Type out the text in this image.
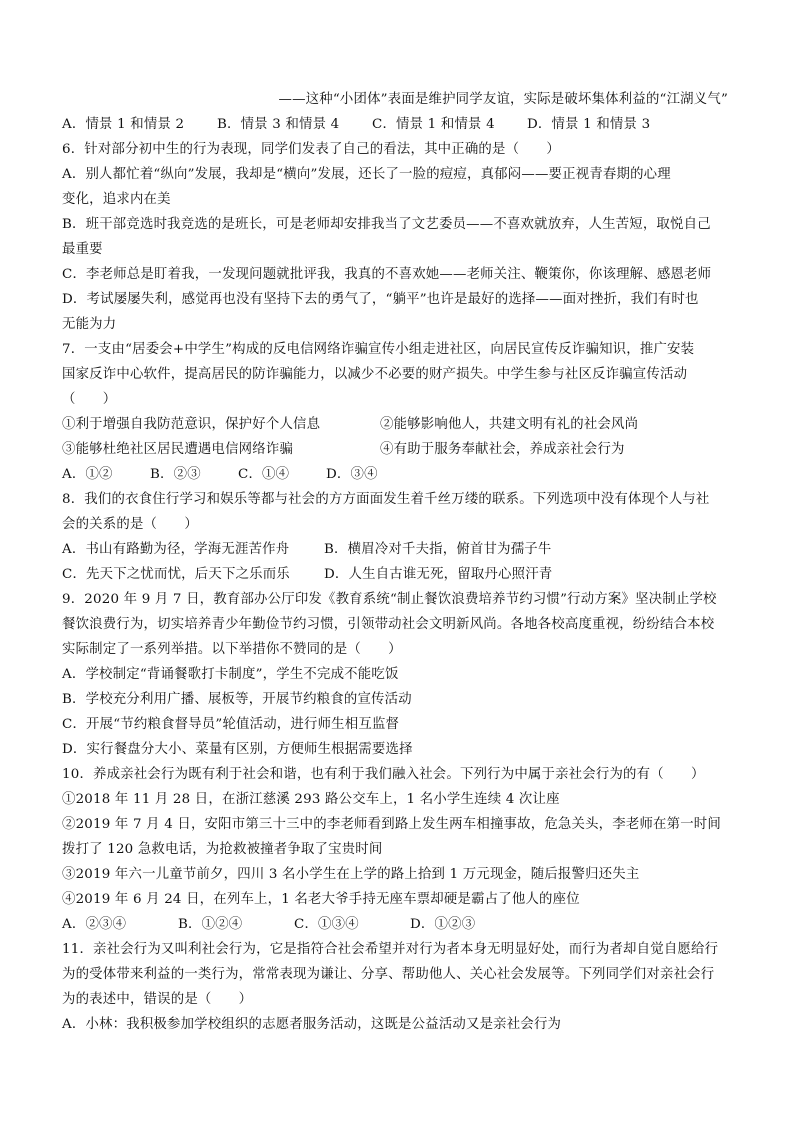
——这种“小团体”表面是维护同学友谊，实际是破坏集体利益的“江湖义气”
A．情景 1 和情景 2	B．情景 3 和情景 4	C．情景 1 和情景 4	D．情景 1 和情景 3
6．针对部分初中生的行为表现，同学们发表了自己的看法，其中正确的是（　　）
A．别人都忙着“纵向”发展，我却是“横向”发展，还长了一脸的痘痘，真郁闷——要正视青春期的心理
变化，追求内在美
B．班干部竞选时我竞选的是班长，可是老师却安排我当了文艺委员——不喜欢就放弃，人生苦短，取悦自己
最重要
C．李老师总是盯着我，一发现问题就批评我，我真的不喜欢她——老师关注、鞭策你，你该理解、感恩老师
D．考试屡屡失利，感觉再也没有坚持下去的勇气了，“躺平”也许是最好的选择——面对挫折，我们有时也
无能为力
7．一支由“居委会+中学生”构成的反电信网络诈骗宣传小组走进社区，向居民宣传反诈骗知识，推广安装
国家反诈中心软件，提高居民的防诈骗能力，以减少不必要的财产损失。中学生参与社区反诈骗宣传活动
（　　）
①利于增强自我防范意识，保护好个人信息	②能够影响他人，共建文明有礼的社会风尚
③能够杜绝社区居民遭遇电信网络诈骗	④有助于服务奉献社会，养成亲社会行为
A．①②	B．②③	C．①④	D．③④
8．我们的衣食住行学习和娱乐等都与社会的方方面面发生着千丝万缕的联系。下列选项中没有体现个人与社
会的关系的是（　　）
A．书山有路勤为径，学海无涯苦作舟	B．横眉冷对千夫指，俯首甘为孺子牛
C．先天下之忧而忧，后天下之乐而乐	D．人生自古谁无死，留取丹心照汗青
9．2020 年 9 月 7 日，教育部办公厅印发《教育系统“制止餐饮浪费培养节约习惯”行动方案》坚决制止学校
餐饮浪费行为，切实培养青少年勤俭节约习惯，引领带动社会文明新风尚。各地各校高度重视，纷纷结合本校
实际制定了一系列举措。以下举措你不赞同的是（　　）
A．学校制定“背诵餐歌打卡制度”，学生不完成不能吃饭
B．学校充分利用广播、展板等，开展节约粮食的宣传活动
C．开展“节约粮食督导员”轮值活动，进行师生相互监督
D．实行餐盘分大小、菜量有区别，方便师生根据需要选择
10．养成亲社会行为既有利于社会和谐，也有利于我们融入社会。下列行为中属于亲社会行为的有（　　）
①2018 年 11 月 28 日，在浙江慈溪 293 路公交车上，1 名小学生连续 4 次让座
②2019 年 7 月 4 日，安阳市第三十三中的李老师看到路上发生两车相撞事故，危急关头，李老师在第一时间
拨打了 120 急救电话，为抢救被撞者争取了宝贵时间
③2019 年六一儿童节前夕，四川 3 名小学生在上学的路上拾到 1 万元现金，随后报警归还失主
④2019 年 6 月 24 日，在列车上，1 名老大爷手持无座车票却硬是霸占了他人的座位
A．②③④	B．①②④	C．①③④	D．①②③
11．亲社会行为又叫利社会行为，它是指符合社会希望并对行为者本身无明显好处，而行为者却自觉自愿给行
为的受体带来利益的一类行为，常常表现为谦让、分享、帮助他人、关心社会发展等。下列同学们对亲社会行
为的表述中，错误的是（　　）
A．小林：我积极参加学校组织的志愿者服务活动，这既是公益活动又是亲社会行为
